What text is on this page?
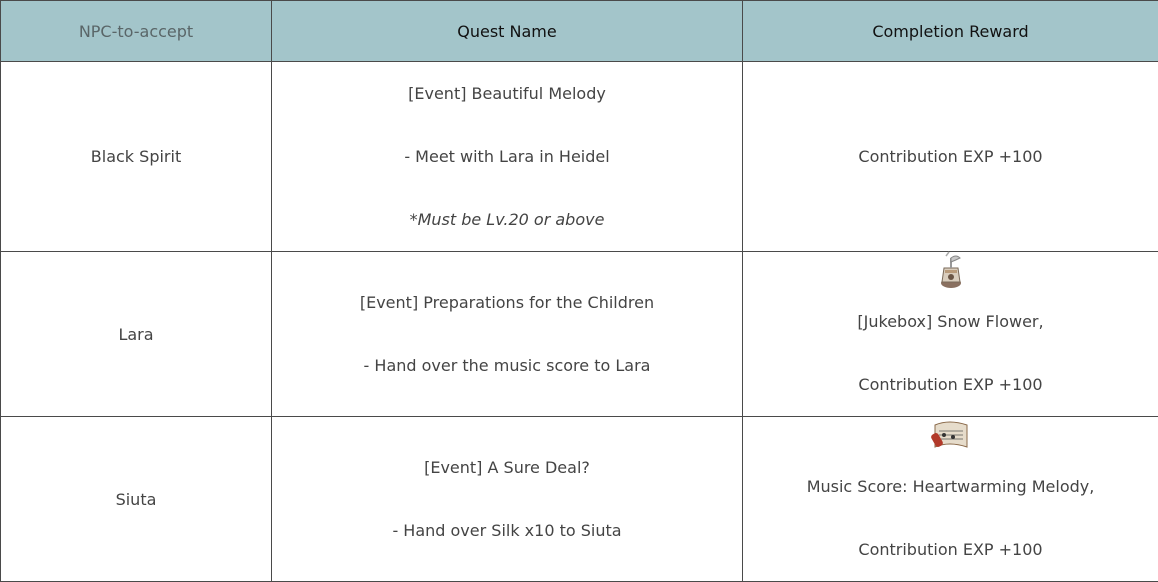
NPC-to-accept	Quest Name	Completion Reward
Black Spirit	[Event] Beautiful Melody
- Meet with Lara in Heidel
*Must be Lv.20 or above	Contribution EXP +100

Lara	[Event] Preparations for the Children
- Hand over the music score to Lara	[Jukebox] Snow Flower,
Contribution EXP +100

Siuta	[Event] A Sure Deal?
- Hand over Silk x10 to Siuta	Music Score: Heartwarming Melody,
Contribution EXP +100
